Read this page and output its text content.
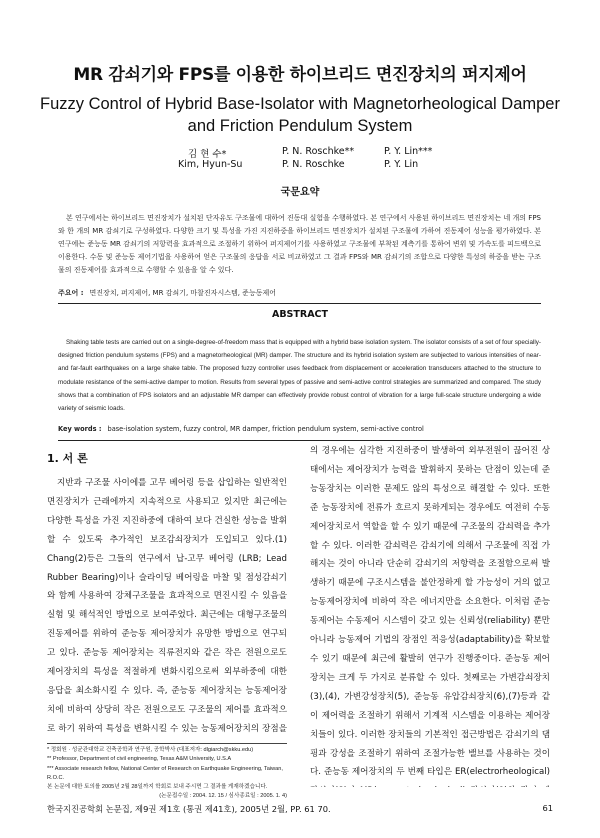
MR 감쇠기와 FPS를 이용한 하이브리드 면진장치의 퍼지제어
Fuzzy Control of Hybrid Base-Isolator with Magnetorheological Damper
and Friction Pendulum System
김 현 수*	P. N. Roschke**	P. Y. Lin***
Kim, Hyun-Su	P. N. Roschke	P. Y. Lin
국문요약
본 연구에서는 하이브리드 면진장치가 설치된 단자유도 구조물에 대하여 진동대 실험을 수행하였다. 본 연구에서 사용된 하이브리드 면진장치는 네 개의 FPS와 한 개의 MR 감쇠기로 구성하였다. 다양한 크기 및 특성을 가진 지진하중을 하이브리드 면진장치가 설치된 구조물에 가하여 진동제어 성능을 평가하였다. 본 연구에는 준능동 MR 감쇠기의 저항력을 효과적으로 조절하기 위하여 퍼지제어기를 사용하였고 구조물에 부착된 계측기를 통하여 변위 및 가속도를 피드백으로 이용한다. 수동 및 준능동 제어기법을 사용하여 얻은 구조물의 응답을 서로 비교하였고 그 결과 FPS와 MR 감쇠기의 조합으로 다양한 특성의 하중을 받는 구조물의 진동제어를 효과적으로 수행할 수 있음을 알 수 있다.
주요어 : 면진장치, 퍼지제어, MR 감쇠기, 마찰진자시스템, 준능동제어
ABSTRACT
Shaking table tests are carried out on a single-degree-of-freedom mass that is equipped with a hybrid base isolation system. The isolator consists of a set of four specially-designed friction pendulum systems (FPS) and a magnetorheological (MR) damper. The structure and its hybrid isolation system are subjected to various intensities of near- and far-fault earthquakes on a large shake table. The proposed fuzzy controller uses feedback from displacement or acceleration transducers attached to the structure to modulate resistance of the semi-active damper to motion. Results from several types of passive and semi-active control strategies are summarized and compared. The study shows that a combination of FPS isolators and an adjustable MR damper can effectively provide robust control of vibration for a large full-scale structure undergoing a wide variety of seismic loads.
Key words : base-isolation system, fuzzy control, MR damper, friction pendulum system, semi-active control
1. 서 론

지반과 구조물 사이에를 고무 베어링 등을 삽입하는 일반적인 면진장치가 근래에까지 지속적으로 사용되고 있지만 최근에는 다양한 특성을 가진 지진하중에 대하여 보다 건실한 성능을 발휘할 수 있도록 추가적인 보조감쇠장치가 도입되고 있다.(1) Chang(2)등은 그들의 연구에서 납-고무 베어링 (LRB; Lead Rubber Bearing)이나 슬라이딩 베어링을 마찰 및 점성감쇠기와 함께 사용하여 강체구조물을 효과적으로 면진시킬 수 있음을 실험 및 해석적인 방법으로 보여주었다. 최근에는 대형구조물의 진동제어를 위하여 준능동 제어장치가 유망한 방법으로 연구되고 있다. 준능동 제어장치는 직류전지와 같은 작은 전원으로도 제어장치의 특성을 적절하게 변화시킴으로써 외부하중에 대한 응답을 최소화시킬 수 있다. 즉, 준능동 제어장치는 능동제어장치에 비하여 상당히 작은 전원으로도 구조물의 제어를 효과적으로 하기 위하여 특성을 변화시킬 수 있는 능동제어장치의 장점을

의 경우에는 심각한 지진하중이 발생하여 외부전원이 끊어진 상태에서는 제어장치가 능력을 발휘하지 못하는 단점이 있는데 준 능동장치는 이러한 문제도 않의 특성으로 해결할 수 있다. 또한 준 능동장치에 전류가 흐르지 못하게되는 경우에도 여전히 수동 제어장치로서 역할을 할 수 있기 때문에 구조물의 감쇠력을 추가할 수 있다. 이러한 감쇠력은 감쇠기에 의해서 구조물에 직접 가해지는 것이 아니라 단순히 감쇠기의 저항력을 조절함으로써 발생하기 때문에 구조시스템을 불안정하게 할 가능성이 거의 없고 능동제어장치에 비하여 작은 에너지만을 소요한다. 이처럼 준능동제어는 수동제어 시스템이 갖고 있는 신뢰성(reliability) 뿐만 아니라 능동제어 기법의 장점인 적응성(adaptability)을 확보할 수 있기 때문에 최근에 활발히 연구가 진행중이다. 준능동 제어장치는 크게 두 가지로 분류할 수 있다. 첫째로는 가변감쇠장치(3),(4), 가변강성장치(5), 준능동 유압감쇠장치(6),(7)등과 같이 제어력을 조절하기 위해서 기계적 시스템을 이용하는 제어장치들이 있다. 이러한 장치들의 기본적인 접근방법은 감쇠기의 댐핑과 강성을 조절하기 위하여 조절가능한 밸브를 사용하는 것이다. 준능동 제어장치의 두 번째 타입은 ER(electrorheological)

* 정회원 · 성균관대학교 건축공학과 연구원, 공학박사 (대표저자: dlgiarch@skku.edu)
** Professor, Department of civil engineering, Texas A&M University, U.S.A
*** Associate research fellow, National Center of Research on Earthquake Engineering, Taiwan, R.O.C.
본 논문에 대한 토의를 2005년 2월 28일까지 학회로 보내 주시면 그 결과를 게재하겠습니다.
(논문접수일 : 2004. 12. 15 / 심사종료일 : 2005. 1. 4)
한국지진공학회 논문집, 제9권 제1호 (통권 제41호), 2005년 2월, PP. 61 70.	61
